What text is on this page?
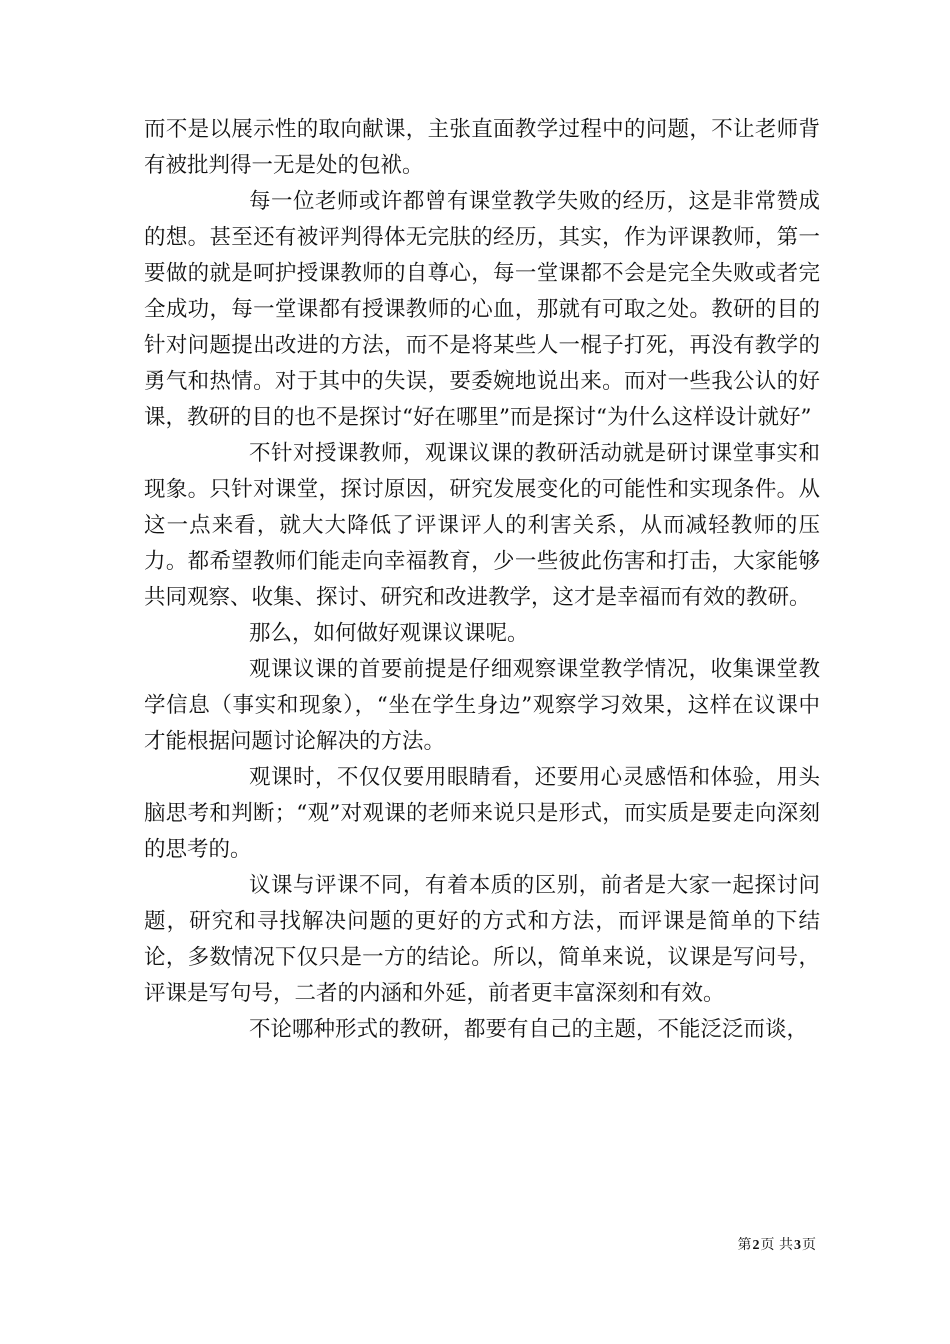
而不是以展示性的取向献课，主张直面教学过程中的问题，不让老师背有被批判得一无是处的包袱。

每一位老师或许都曾有课堂教学失败的经历，这是非常赞成的想。甚至还有被评判得体无完肤的经历，其实，作为评课教师，第一要做的就是呵护授课教师的自尊心，每一堂课都不会是完全失败或者完全成功，每一堂课都有授课教师的心血，那就有可取之处。教研的目的针对问题提出改进的方法，而不是将某些人一棍子打死，再没有教学的勇气和热情。对于其中的失误，要委婉地说出来。而对一些我公认的好课，教研的目的也不是探讨“好在哪里”而是探讨“为什么这样设计就好”

不针对授课教师，观课议课的教研活动就是研讨课堂事实和现象。只针对课堂，探讨原因，研究发展变化的可能性和实现条件。从这一点来看，就大大降低了评课评人的利害关系，从而减轻教师的压力。都希望教师们能走向幸福教育，少一些彼此伤害和打击，大家能够共同观察、收集、探讨、研究和改进教学，这才是幸福而有效的教研。

那么，如何做好观课议课呢。

观课议课的首要前提是仔细观察课堂教学情况，收集课堂教学信息（事实和现象），“坐在学生身边”观察学习效果，这样在议课中才能根据问题讨论解决的方法。

观课时，不仅仅要用眼睛看，还要用心灵感悟和体验，用头脑思考和判断；“观”对观课的老师来说只是形式，而实质是要走向深刻的思考的。

议课与评课不同，有着本质的区别，前者是大家一起探讨问题，研究和寻找解决问题的更好的方式和方法，而评课是简单的下结论，多数情况下仅只是一方的结论。所以，简单来说，议课是写问号，评课是写句号，二者的内涵和外延，前者更丰富深刻和有效。

不论哪种形式的教研，都要有自己的主题，不能泛泛而谈，

第2页 共3页
